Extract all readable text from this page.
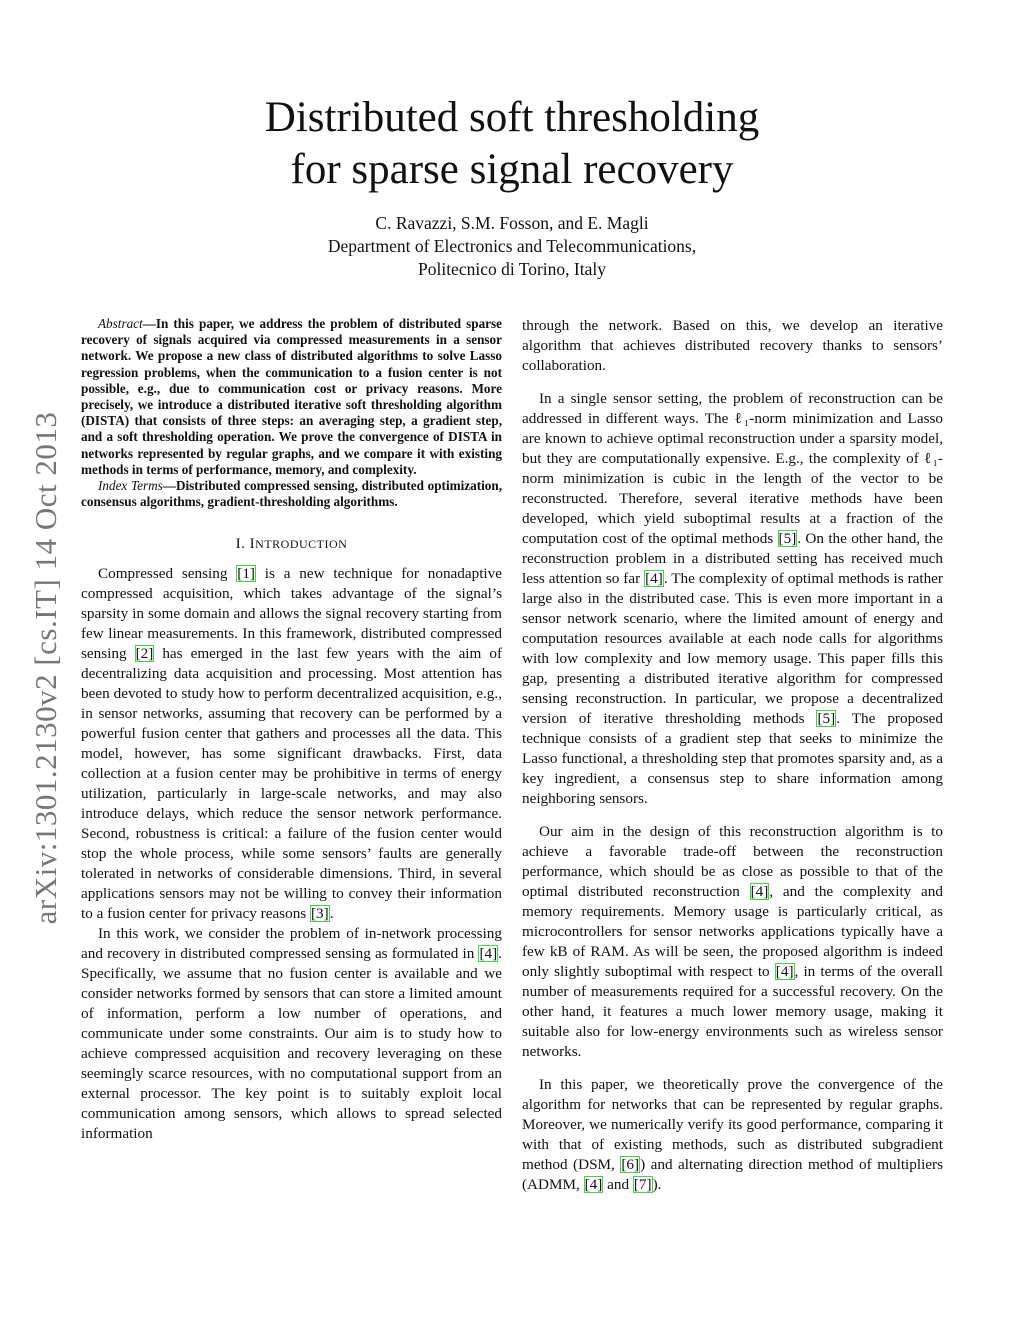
Distributed soft thresholding
for sparse signal recovery
C. Ravazzi, S.M. Fosson, and E. Magli
Department of Electronics and Telecommunications,
Politecnico di Torino, Italy
arXiv:1301.2130v2 [cs.IT] 14 Oct 2013

Abstract—In this paper, we address the problem of distributed sparse recovery of signals acquired via compressed measurements in a sensor network. We propose a new class of distributed algorithms to solve Lasso regression problems, when the communication to a fusion center is not possible, e.g., due to communication cost or privacy reasons. More precisely, we introduce a distributed iterative soft thresholding algorithm (DISTA) that consists of three steps: an averaging step, a gradient step, and a soft thresholding operation. We prove the convergence of DISTA in networks represented by regular graphs, and we compare it with existing methods in terms of performance, memory, and complexity.

Index Terms—Distributed compressed sensing, distributed optimization, consensus algorithms, gradient-thresholding algorithms.

I. INTRODUCTION

Compressed sensing [1] is a new technique for nonadaptive compressed acquisition, which takes advantage of the signal’s sparsity in some domain and allows the signal recovery starting from few linear measurements. In this framework, distributed compressed sensing [2] has emerged in the last few years with the aim of decentralizing data acquisition and processing. Most attention has been devoted to study how to perform decentralized acquisition, e.g., in sensor networks, assuming that recovery can be performed by a powerful fusion center that gathers and processes all the data. This model, however, has some significant drawbacks. First, data collection at a fusion center may be prohibitive in terms of energy utilization, particularly in large-scale networks, and may also introduce delays, which reduce the sensor network performance. Second, robustness is critical: a failure of the fusion center would stop the whole process, while some sensors’ faults are generally tolerated in networks of considerable dimensions. Third, in several applications sensors may not be willing to convey their information to a fusion center for privacy reasons [3].

In this work, we consider the problem of in-network processing and recovery in distributed compressed sensing as formulated in [4]. Specifically, we assume that no fusion center is available and we consider networks formed by sensors that can store a limited amount of information, perform a low number of operations, and communicate under some constraints. Our aim is to study how to achieve compressed acquisition and recovery leveraging on these seemingly scarce resources, with no computational support from an external processor. The key point is to suitably exploit local communication among sensors, which allows to spread selected information

through the network. Based on this, we develop an iterative algorithm that achieves distributed recovery thanks to sensors’ collaboration.

In a single sensor setting, the problem of reconstruction can be addressed in different ways. The ℓ₁-norm minimization and Lasso are known to achieve optimal reconstruction under a sparsity model, but they are computationally expensive. E.g., the complexity of ℓ₁-norm minimization is cubic in the length of the vector to be reconstructed. Therefore, several iterative methods have been developed, which yield suboptimal results at a fraction of the computation cost of the optimal methods [5]. On the other hand, the reconstruction problem in a distributed setting has received much less attention so far [4]. The complexity of optimal methods is rather large also in the distributed case. This is even more important in a sensor network scenario, where the limited amount of energy and computation resources available at each node calls for algorithms with low complexity and low memory usage. This paper fills this gap, presenting a distributed iterative algorithm for compressed sensing reconstruction. In particular, we propose a decentralized version of iterative thresholding methods [5]. The proposed technique consists of a gradient step that seeks to minimize the Lasso functional, a thresholding step that promotes sparsity and, as a key ingredient, a consensus step to share information among neighboring sensors.

Our aim in the design of this reconstruction algorithm is to achieve a favorable trade-off between the reconstruction performance, which should be as close as possible to that of the optimal distributed reconstruction [4], and the complexity and memory requirements. Memory usage is particularly critical, as microcontrollers for sensor networks applications typically have a few kB of RAM. As will be seen, the proposed algorithm is indeed only slightly suboptimal with respect to [4], in terms of the overall number of measurements required for a successful recovery. On the other hand, it features a much lower memory usage, making it suitable also for low-energy environments such as wireless sensor networks.

In this paper, we theoretically prove the convergence of the algorithm for networks that can be represented by regular graphs. Moreover, we numerically verify its good performance, comparing it with that of existing methods, such as distributed subgradient method (DSM, [6]) and alternating direction method of multipliers (ADMM, [4] and [7]).
